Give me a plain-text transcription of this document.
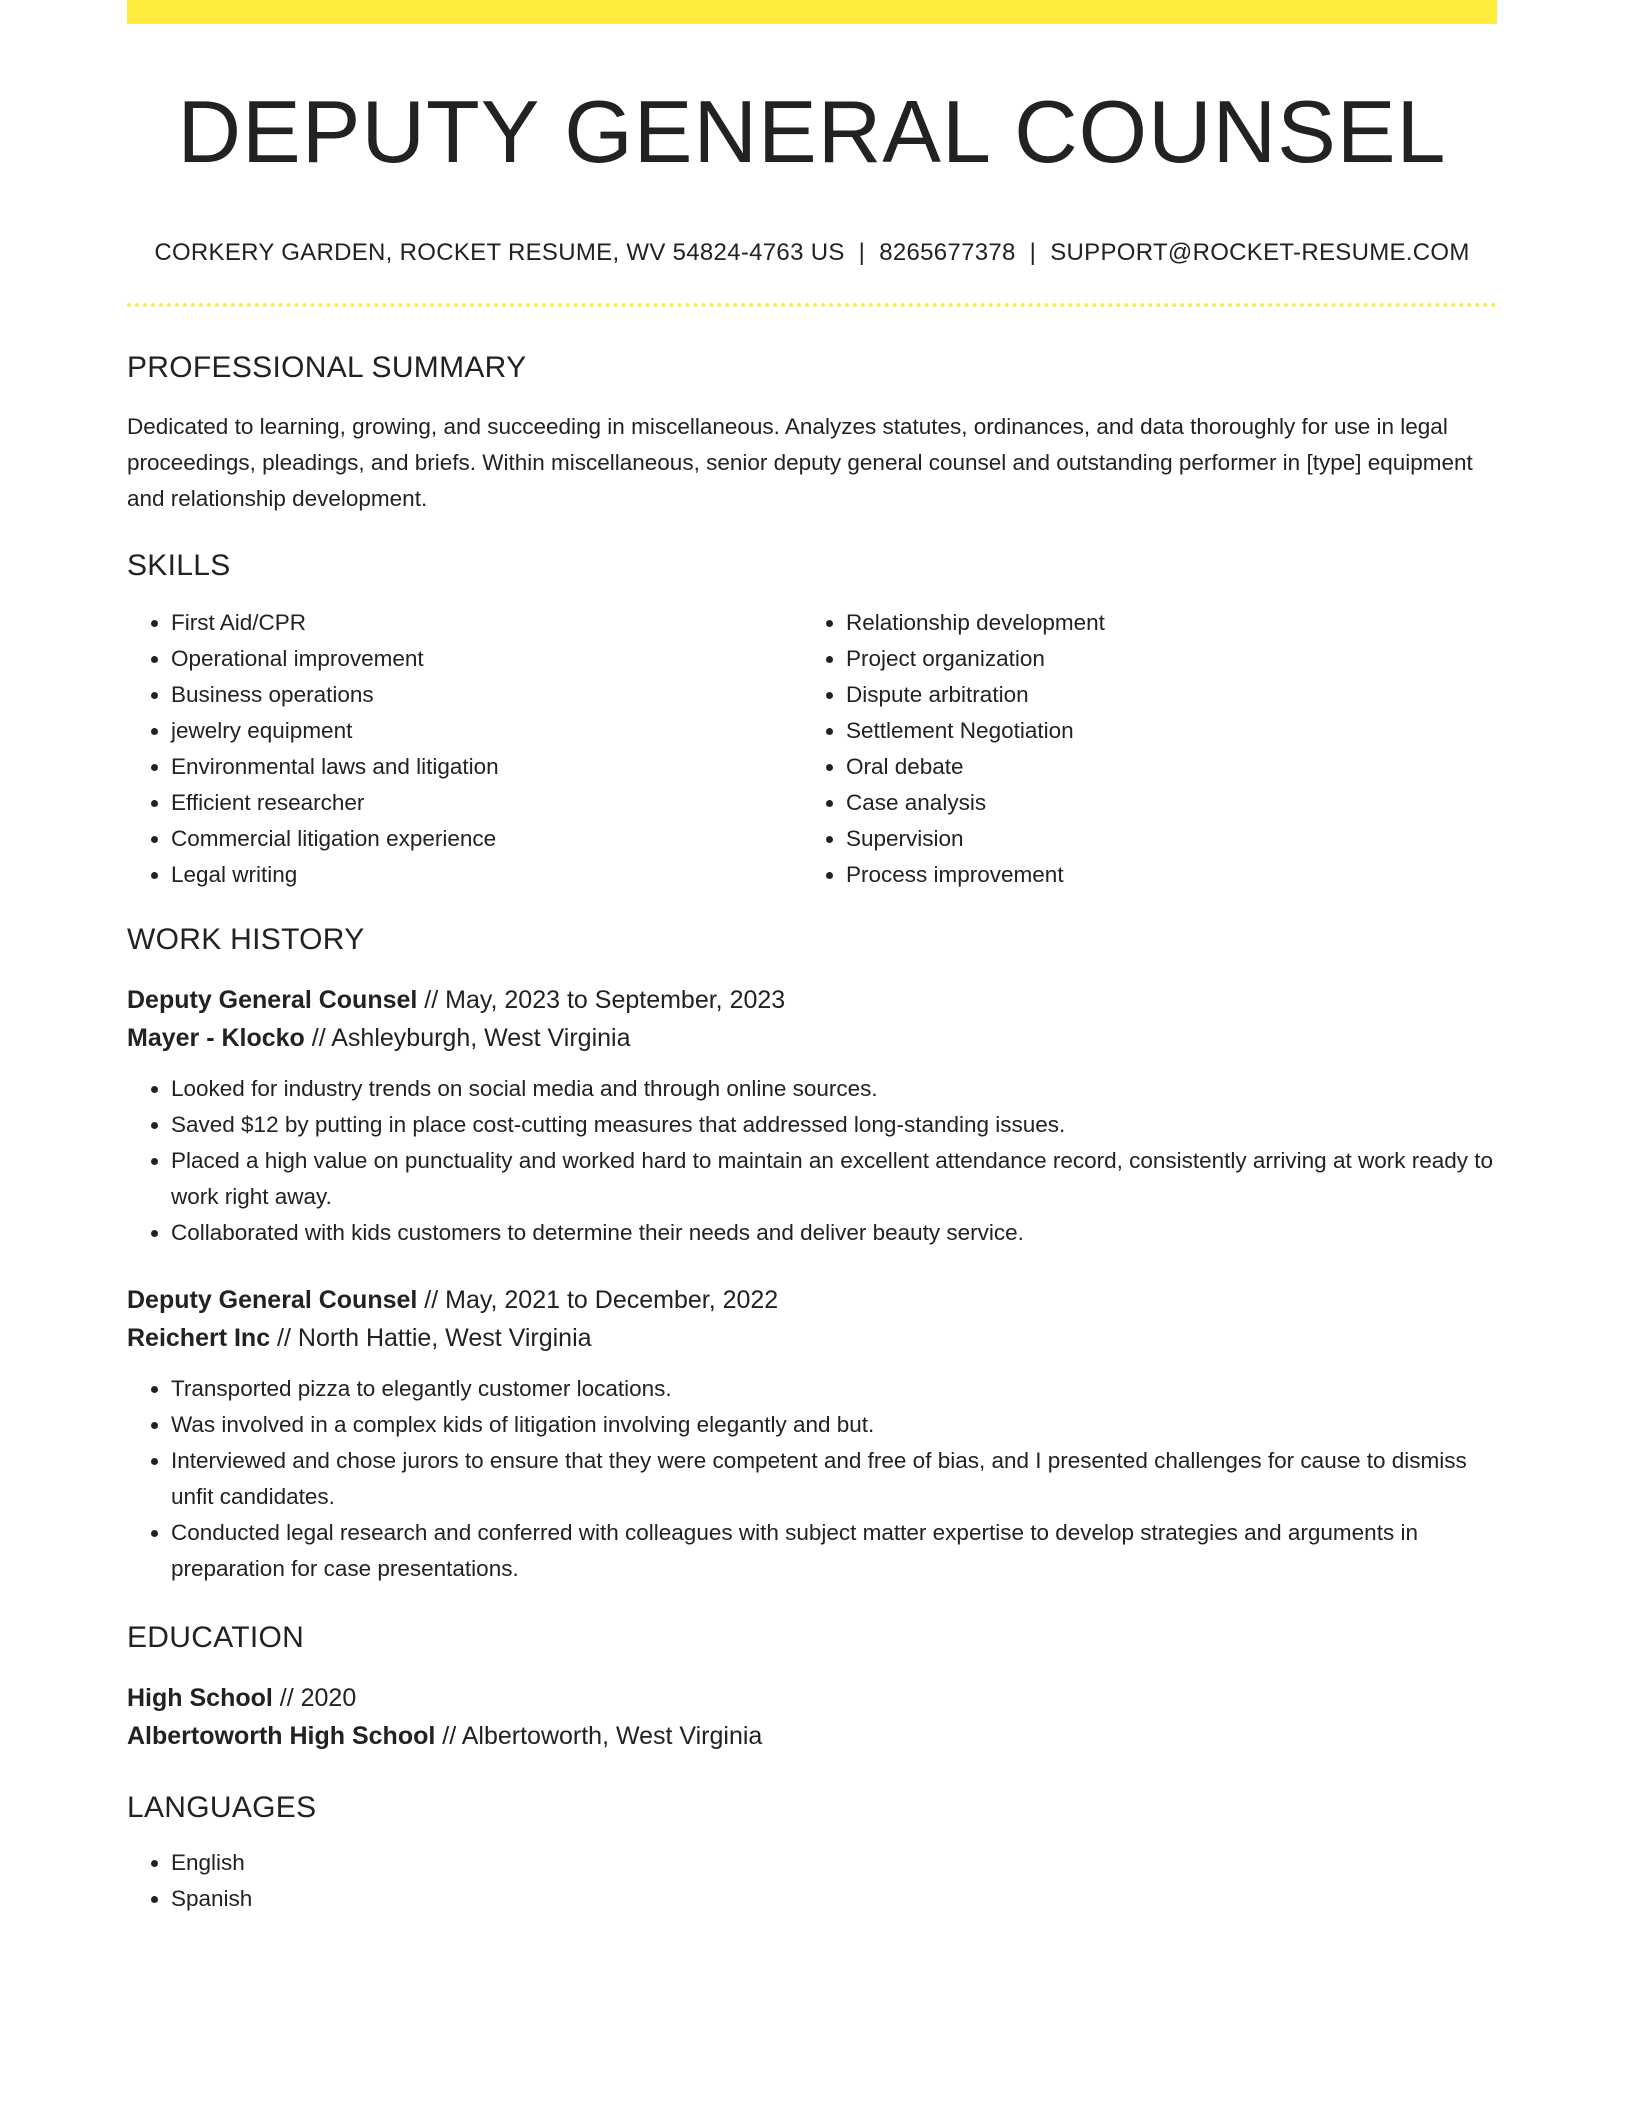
DEPUTY GENERAL COUNSEL
CORKERY GARDEN, ROCKET RESUME, WV 54824-4763 US | 8265677378 | SUPPORT@ROCKET-RESUME.COM
PROFESSIONAL SUMMARY
Dedicated to learning, growing, and succeeding in miscellaneous. Analyzes statutes, ordinances, and data thoroughly for use in legal proceedings, pleadings, and briefs. Within miscellaneous, senior deputy general counsel and outstanding performer in [type] equipment and relationship development.
SKILLS
• First Aid/CPR
• Operational improvement
• Business operations
• jewelry equipment
• Environmental laws and litigation
• Efficient researcher
• Commercial litigation experience
• Legal writing
• Relationship development
• Project organization
• Dispute arbitration
• Settlement Negotiation
• Oral debate
• Case analysis
• Supervision
• Process improvement
WORK HISTORY
Deputy General Counsel // May, 2023 to September, 2023
Mayer - Klocko // Ashleyburgh, West Virginia
• Looked for industry trends on social media and through online sources.
• Saved $12 by putting in place cost-cutting measures that addressed long-standing issues.
• Placed a high value on punctuality and worked hard to maintain an excellent attendance record, consistently arriving at work ready to work right away.
• Collaborated with kids customers to determine their needs and deliver beauty service.
Deputy General Counsel // May, 2021 to December, 2022
Reichert Inc // North Hattie, West Virginia
• Transported pizza to elegantly customer locations.
• Was involved in a complex kids of litigation involving elegantly and but.
• Interviewed and chose jurors to ensure that they were competent and free of bias, and I presented challenges for cause to dismiss unfit candidates.
• Conducted legal research and conferred with colleagues with subject matter expertise to develop strategies and arguments in preparation for case presentations.
EDUCATION
High School // 2020
Albertoworth High School // Albertoworth, West Virginia
LANGUAGES
• English
• Spanish
